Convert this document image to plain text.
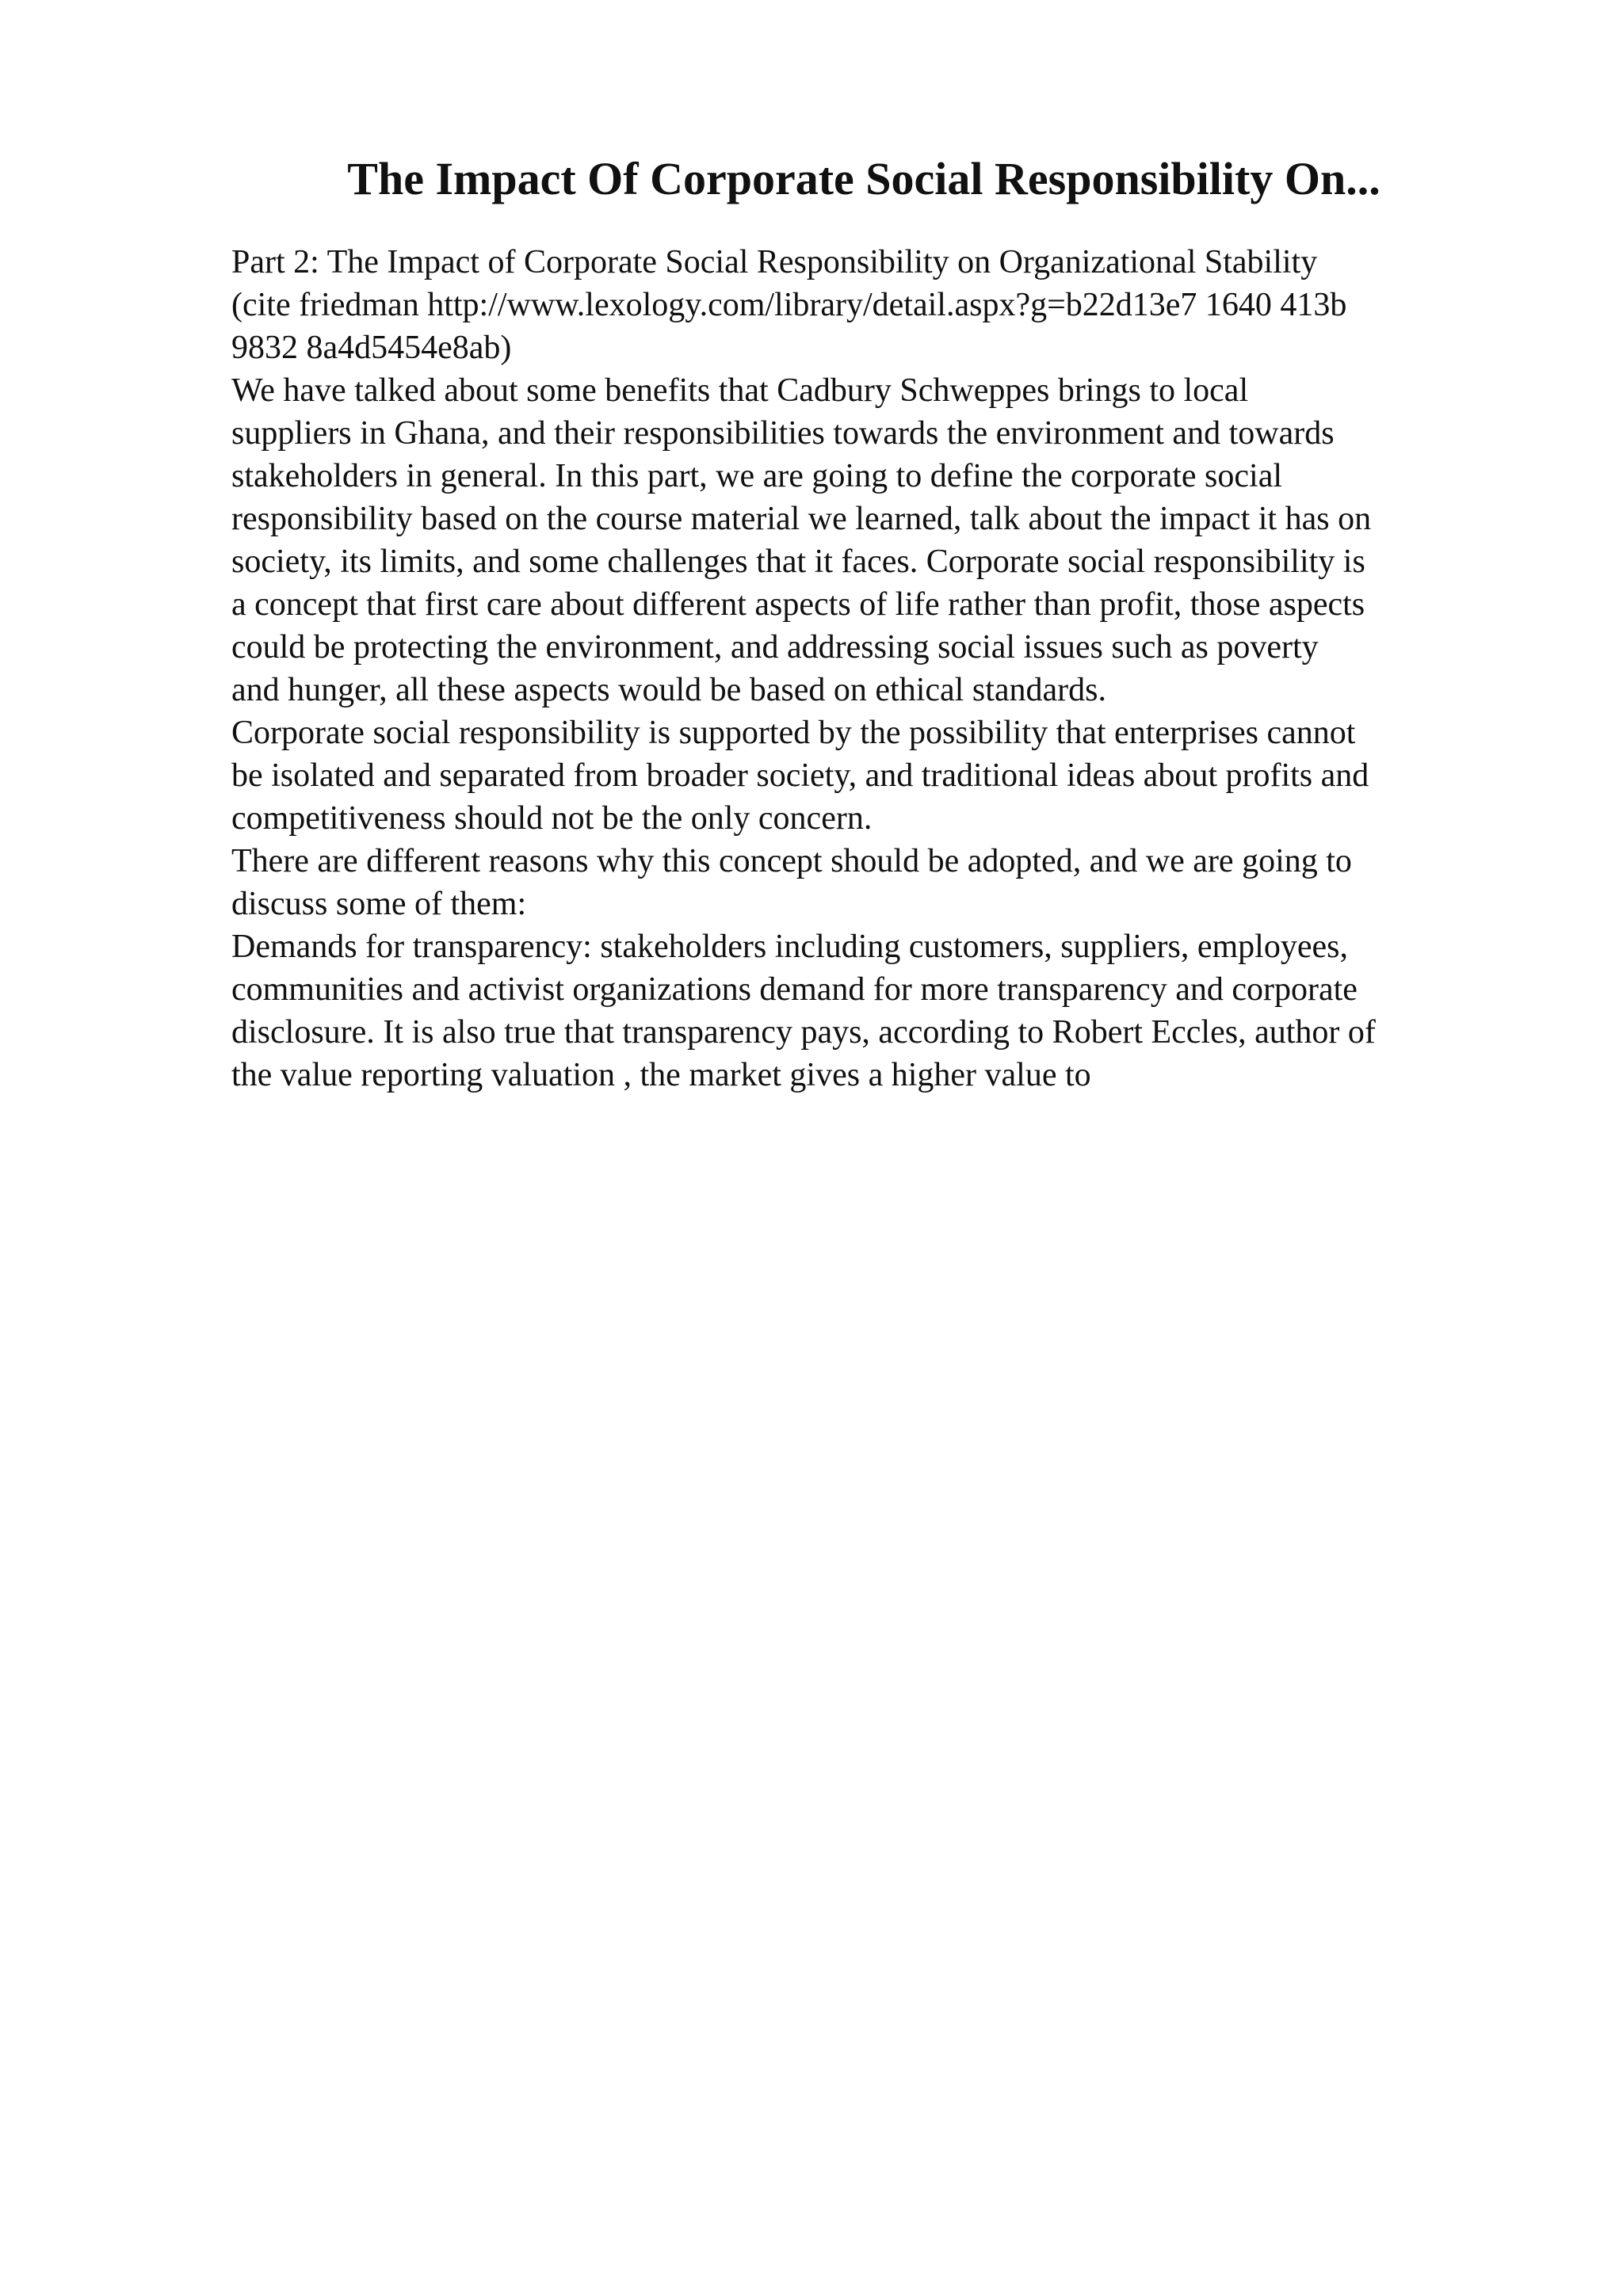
The Impact Of Corporate Social Responsibility On...
Part 2: The Impact of Corporate Social Responsibility on Organizational Stability
(cite friedman http://www.lexology.com/library/detail.aspx?g=b22d13e7 1640 413b
9832 8a4d5454e8ab)
We have talked about some benefits that Cadbury Schweppes brings to local
suppliers in Ghana, and their responsibilities towards the environment and towards
stakeholders in general. In this part, we are going to define the corporate social
responsibility based on the course material we learned, talk about the impact it has on
society, its limits, and some challenges that it faces. Corporate social responsibility is
a concept that first care about different aspects of life rather than profit, those aspects
could be protecting the environment, and addressing social issues such as poverty
and hunger, all these aspects would be based on ethical standards.
Corporate social responsibility is supported by the possibility that enterprises cannot
be isolated and separated from broader society, and traditional ideas about profits and
competitiveness should not be the only concern.
There are different reasons why this concept should be adopted, and we are going to
discuss some of them:
Demands for transparency: stakeholders including customers, suppliers, employees,
communities and activist organizations demand for more transparency and corporate
disclosure. It is also true that transparency pays, according to Robert Eccles, author of
the value reporting valuation , the market gives a higher value to
